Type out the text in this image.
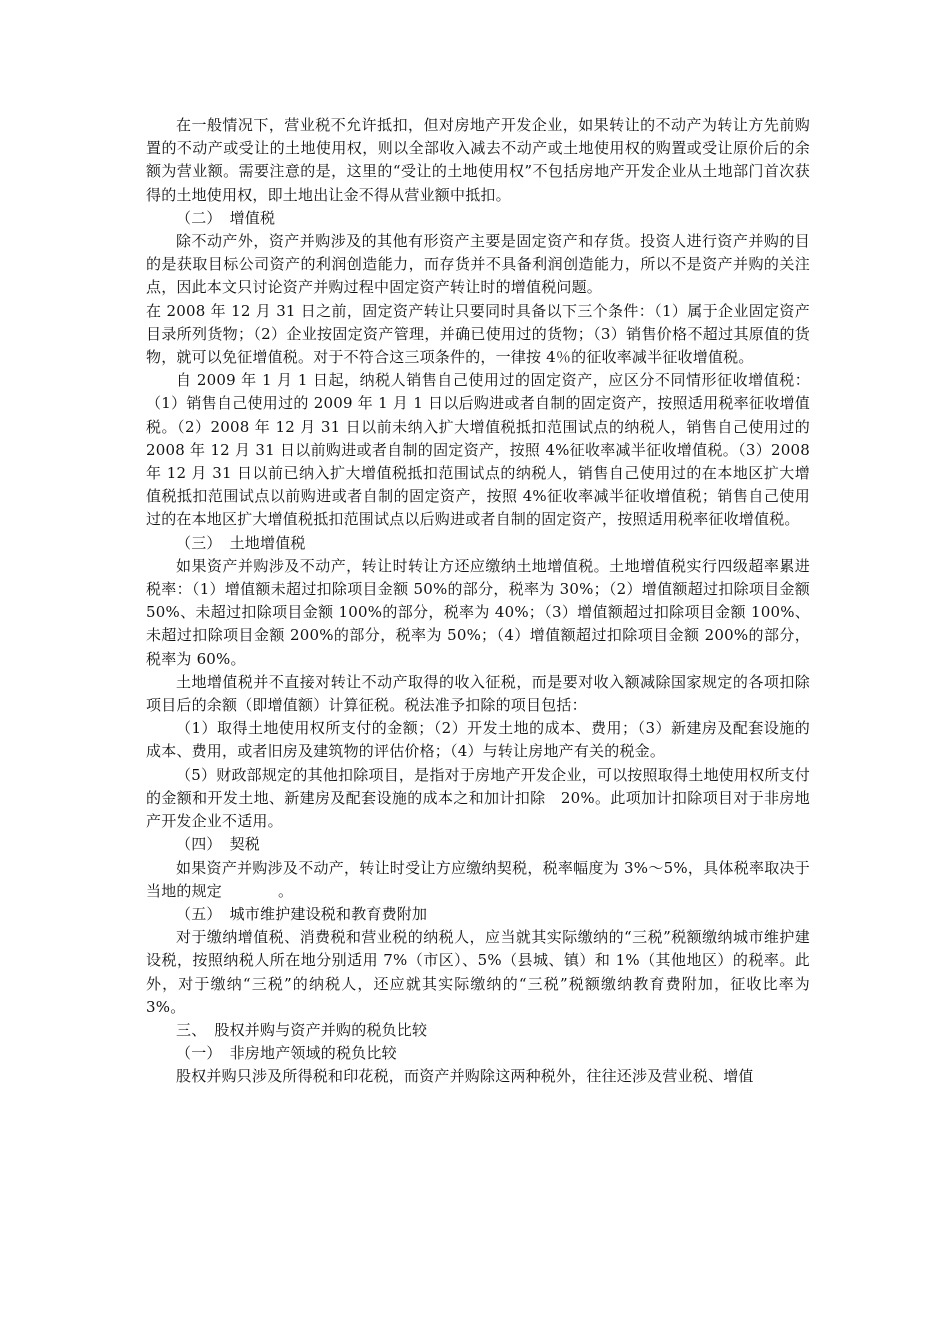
在一般情况下，营业税不允许抵扣，但对房地产开发企业，如果转让的不动产为转让方先前购置的不动产或受让的土地使用权，则以全部收入减去不动产或土地使用权的购置或受让原价后的余额为营业额。需要注意的是，这里的“受让的土地使用权”不包括房地产开发企业从土地部门首次获得的土地使用权，即土地出让金不得从营业额中抵扣。

（二） 增值税

除不动产外，资产并购涉及的其他有形资产主要是固定资产和存货。投资人进行资产并购的目的是获取目标公司资产的利润创造能力，而存货并不具备利润创造能力，所以不是资产并购的关注点，因此本文只讨论资产并购过程中固定资产转让时的增值税问题。

在 2008 年 12 月 31 日之前，固定资产转让只要同时具备以下三个条件：（1）属于企业固定资产目录所列货物；（2）企业按固定资产管理，并确已使用过的货物；（3）销售价格不超过其原值的货物，就可以免征增值税。对于不符合这三项条件的，一律按 4％的征收率减半征收增值税。

自 2009 年 1 月 1 日起，纳税人销售自己使用过的固定资产，应区分不同情形征收增值税：（1）销售自己使用过的 2009 年 1 月 1 日以后购进或者自制的固定资产，按照适用税率征收增值税。（2）2008 年 12 月 31 日以前未纳入扩大增值税抵扣范围试点的纳税人，销售自己使用过的 2008 年 12 月 31 日以前购进或者自制的固定资产，按照 4%征收率减半征收增值税。（3）2008 年 12 月 31 日以前已纳入扩大增值税抵扣范围试点的纳税人，销售自己使用过的在本地区扩大增值税抵扣范围试点以前购进或者自制的固定资产，按照 4%征收率减半征收增值税；销售自己使用过的在本地区扩大增值税抵扣范围试点以后购进或者自制的固定资产，按照适用税率征收增值税。

（三） 土地增值税

如果资产并购涉及不动产，转让时转让方还应缴纳土地增值税。土地增值税实行四级超率累进税率：（1）增值额未超过扣除项目金额 50%的部分，税率为 30%；（2）增值额超过扣除项目金额 50%、未超过扣除项目金额 100%的部分，税率为 40%；（3）增值额超过扣除项目金额 100%、未超过扣除项目金额 200%的部分，税率为 50%；（4）增值额超过扣除项目金额 200%的部分，税率为 60%。

土地增值税并不直接对转让不动产取得的收入征税，而是要对收入额减除国家规定的各项扣除项目后的余额（即增值额）计算征税。税法准予扣除的项目包括：

（1）取得土地使用权所支付的金额；（2）开发土地的成本、费用；（3）新建房及配套设施的成本、费用，或者旧房及建筑物的评估价格；（4）与转让房地产有关的税金。

（5）财政部规定的其他扣除项目，是指对于房地产开发企业，可以按照取得土地使用权所支付的金额和开发土地、新建房及配套设施的成本之和加计扣除　20%。此项加计扣除项目对于非房地产开发企业不适用。

（四） 契税

如果资产并购涉及不动产，转让时受让方应缴纳契税，税率幅度为 3%～5%，具体税率取决于当地的规定	。

（五） 城市维护建设税和教育费附加

对于缴纳增值税、消费税和营业税的纳税人，应当就其实际缴纳的“三税”税额缴纳城市维护建设税，按照纳税人所在地分别适用 7%（市区）、5%（县城、镇）和 1%（其他地区）的税率。此外，对于缴纳“三税”的纳税人，还应就其实际缴纳的“三税”税额缴纳教育费附加，征收比率为 3%。

三、 股权并购与资产并购的税负比较

（一） 非房地产领域的税负比较

股权并购只涉及所得税和印花税，而资产并购除这两种税外，往往还涉及营业税、增值
